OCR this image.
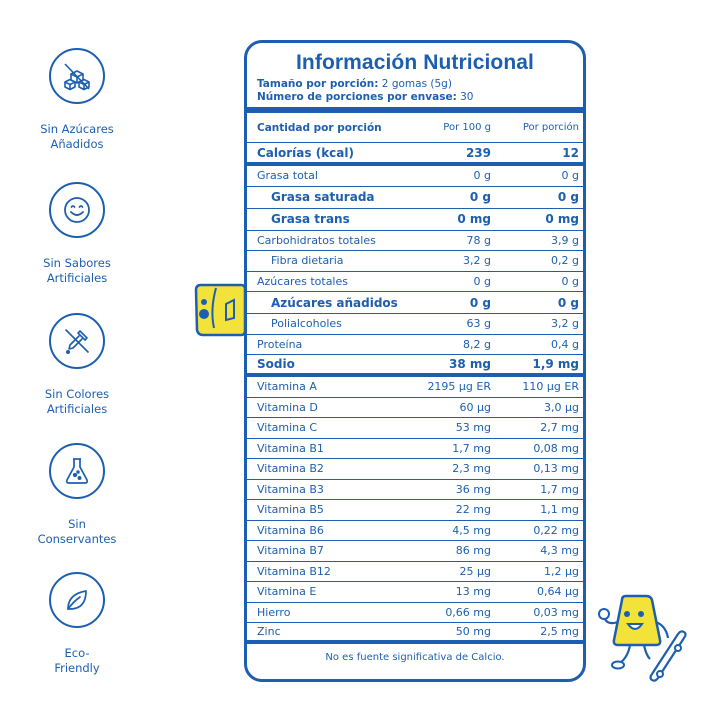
Sin Azúcares
Añadidos
Sin Sabores
Artificiales
Sin Colores
Artificiales
Sin
Conservantes
Eco-
Friendly
Información Nutricional
Tamaño por porción: 2 gomas (5g)
Número de porciones por envase: 30
Cantidad por porción	Por 100 g	Por porción
Calorías (kcal)	239	12
Grasa total	0 g	0 g
Grasa saturada	0 g	0 g
Grasa trans	0 mg	0 mg
Carbohidratos totales	78 g	3,9 g
Fibra dietaria	3,2 g	0,2 g
Azúcares totales	0 g	0 g
Azúcares añadidos	0 g	0 g
Polialcoholes	63 g	3,2 g
Proteína	8,2 g	0,4 g
Sodio	38 mg	1,9 mg
Vitamina A	2195 µg ER	110 µg ER
Vitamina D	60 µg	3,0 µg
Vitamina C	53 mg	2,7 mg
Vitamina B1	1,7 mg	0,08 mg
Vitamina B2	2,3 mg	0,13 mg
Vitamina B3	36 mg	1,7 mg
Vitamina B5	22 mg	1,1 mg
Vitamina B6	4,5 mg	0,22 mg
Vitamina B7	86 mg	4,3 mg
Vitamina B12	25 µg	1,2 µg
Vitamina E	13 mg	0,64 µg
Hierro	0,66 mg	0,03 mg
Zinc	50 mg	2,5 mg
No es fuente significativa de Calcio.
